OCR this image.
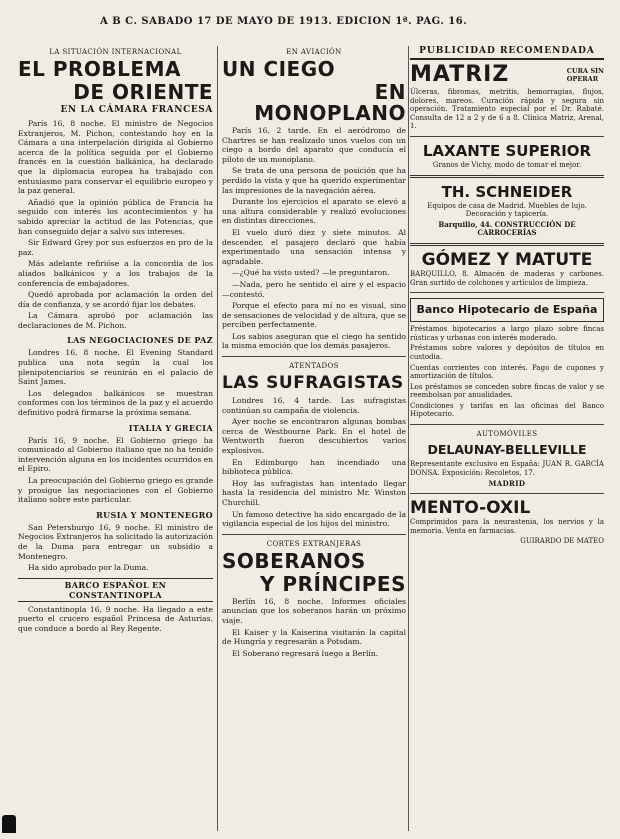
A B C. SÁBADO 17 DE MAYO DE 1913. EDICIÓN 1ª. PÁG. 16.
LA SITUACIÓN INTERNACIONAL
EL PROBLEMA
DE ORIENTE
EN LA CÁMARA FRANCESA

París 16, 8 noche. El ministro de Negocios Extranjeros, M. Pichon, contestando hoy en la Cámara a una interpelación dirigida al Gobierno acerca de la política seguida por el Gobierno francés en la cuestión balkánica, ha declarado que la diplomacia europea ha trabajado con entusiasmo para conservar el equilibrio europeo y la paz general.

Añadió que la opinión pública de Francia ha seguido con interés los acontecimientos y ha sabido apreciar la actitud de las Potencias, que han conseguido dejar a salvo sus intereses.

Sir Edward Grey por sus esfuerzos en pro de la paz.

Más adelante refirióse a la concordia de los aliados balkánicos y a los trabajos de la conferencia de embajadores.

Quedó aprobada por aclamación la orden del día de confianza, y se acordó fijar los debates.

La Cámara aprobó por aclamación las declaraciones de M. Pichon.

LAS NEGOCIACIONES DE PAZ

Londres 16, 8 noche. El Evening Standard publica una nota según la cual los plenipotenciarios se reunirán en el palacio de Saint James.

Los delegados balkánicos se muestran conformes con los términos de la paz y el acuerdo definitivo podrá firmarse la próxima semana.

ITALIA Y GRECIA

París 16, 9 noche. El Gobierno griego ha comunicado al Gobierno italiano que no ha tenido intervención alguna en los incidentes ocurridos en el Epiro.

La preocupación del Gobierno griego es grande y prosigue las negociaciones con el Gobierno italiano sobre este particular.

RUSIA Y MONTENEGRO

San Petersburgo 16, 9 noche. El ministro de Negocios Extranjeros ha solicitado la autorización de la Duma para entregar un subsidio a Montenegro.

Ha sido aprobado por la Duma.

BARCO ESPAÑOL EN
CONSTANTINOPLA

Constantinopla 16, 9 noche. Ha llegado a este puerto el crucero español Princesa de Asturias, que conduce a bordo al Rey Regente.

EN AVIACIÓN
UN CIEGO
EN MONOPLANO

París 16, 2 tarde. En el aeródromo de Chartres se han realizado unos vuelos con un ciego a bordo del aparato que conducía el piloto de un monoplano.

Se trata de una persona de posición que ha perdido la vista y que ha querido experimentar las impresiones de la navegación aérea.

Durante los ejercicios el aparato se elevó a una altura considerable y realizó evoluciones en distintas direcciones.

El vuelo duró diez y siete minutos. Al descender, el pasajero declaró que había experimentado una sensación intensa y agradable.

—¿Qué ha visto usted? —le preguntaron.

—Nada, pero he sentido el aire y el espacio —contestó.

Porque el efecto para mí no es visual, sino de sensaciones de velocidad y de altura, que se perciben perfectamente.

Los sabios aseguran que el ciego ha sentido la misma emoción que los demás pasajeros.

ATENTADOS
LAS SUFRAGISTAS

Londres 16, 4 tarde. Las sufragistas continúan su campaña de violencia.

Ayer noche se encontraron algunas bombas cerca de Westbourne Park. En el hotel de Wentworth fueron descubiertos varios explosivos.

En Edimburgo han incendiado una biblioteca pública.

Hoy las sufragistas han intentado llegar hasta la residencia del ministro Mr. Winston Churchill.

Un famoso detective ha sido encargado de la vigilancia especial de los hijos del ministro.

CORTES EXTRANJERAS
SOBERANOS
Y PRÍNCIPES

Berlín 16, 8 noche. Informes oficiales anuncian que los soberanos harán un próximo viaje.

El Kaiser y la Kaiserina visitarán la capital de Hungría y regresarán a Potsdam.

El Soberano regresará luego a Berlín.

PUBLICIDAD RECOMENDADA
MATRIZ	CURA SIN
OPERAR

Úlceras, fibromas, metritis, hemorragias, flujos, dolores, mareos. Curación rápida y segura sin operación. Tratamiento especial por el Dr. Rabaté. Consulta de 12 a 2 y de 6 a 8. Clínica Matriz, Arenal, 1.

LAXANTE SUPERIOR

Granos de Vichy, modo de tomar el mejor.

TH. SCHNEIDER

Equipos de casa de Madrid. Muebles de lujo. Decoración y tapicería.

Barquillo, 44. CONSTRUCCIÓN DE CARROCERÍAS

GÓMEZ Y MATUTE

BARQUILLO, 8. Almacén de maderas y carbones. Gran surtido de colchones y artículos de limpieza.

Banco Hipotecario de España

Préstamos hipotecarios a largo plazo sobre fincas rústicas y urbanas con interés moderado.

Préstamos sobre valores y depósitos de títulos en custodia.

Cuentas corrientes con interés. Pago de cupones y amortización de títulos.

Los préstamos se conceden sobre fincas de valor y se reembolsan por anualidades.

Condiciones y tarifas en las oficinas del Banco Hipotecario.

AUTOMÓVILES
DELAUNAY-BELLEVILLE

Representante exclusivo en España: JUAN R. GARCÍA DONSA. Exposición: Recoletos, 17.

MADRID
MENTO-OXIL

Comprimidos para la neurastenia, los nervios y la memoria. Venta en farmacias.

GUIRARDO DE MATEO
